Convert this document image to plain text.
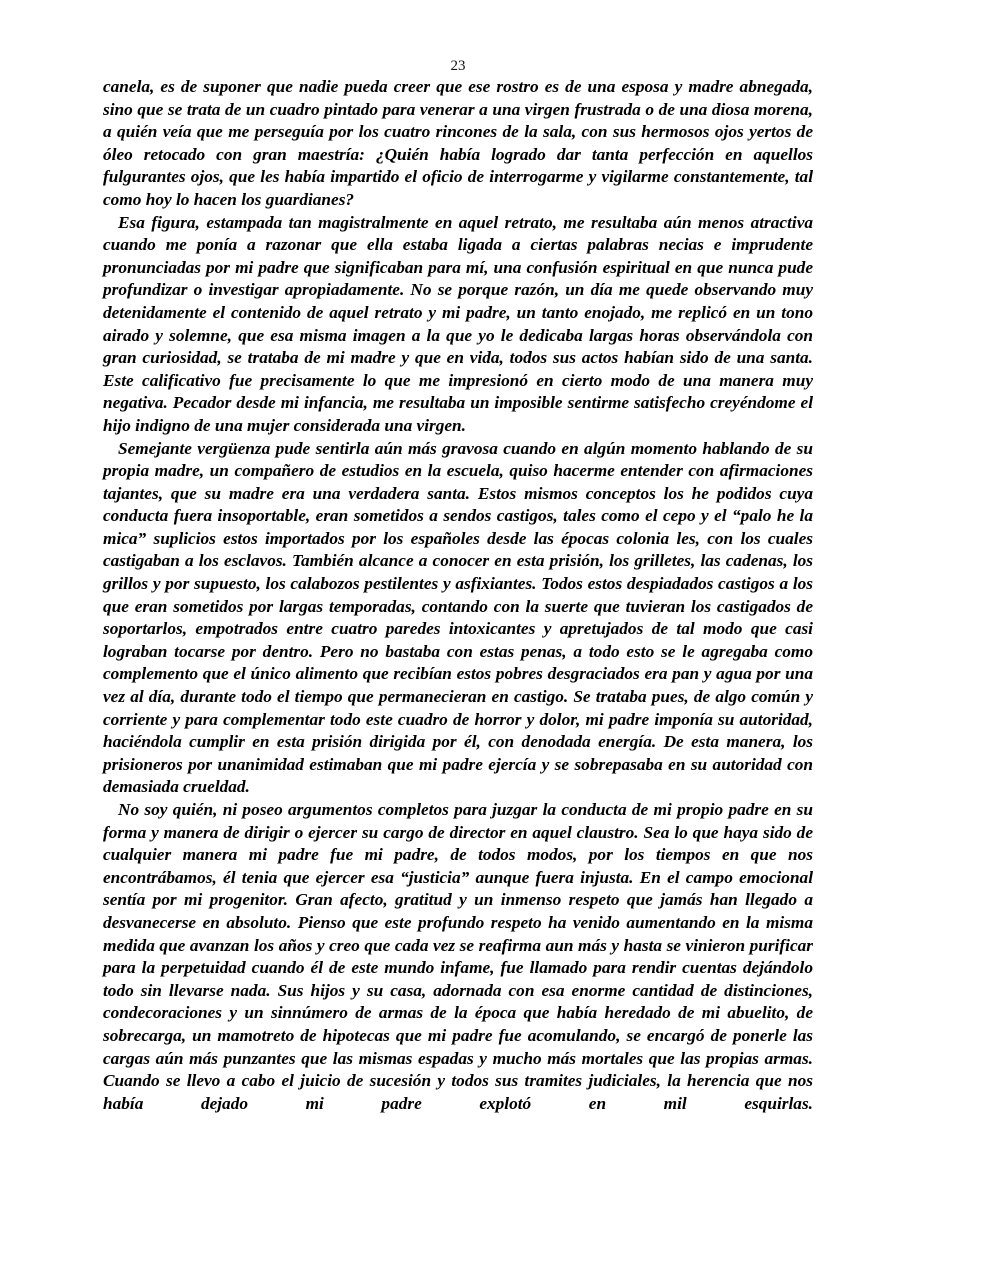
23

canela, es de suponer que nadie pueda creer que ese rostro es de una esposa y madre abnegada, sino que se trata de un cuadro pintado para venerar a una virgen frustrada o de una diosa morena, a quién veía que me perseguía por los cuatro rincones de la sala, con sus hermosos ojos yertos de óleo retocado con gran maestría: ¿Quién había logrado dar tanta perfección en aquellos fulgurantes ojos, que les había impartido el oficio de interrogarme y vigilarme constantemente, tal como hoy lo hacen los guardianes?

Esa figura, estampada tan magistralmente en aquel retrato, me resultaba aún menos atractiva cuando me ponía a razonar que ella estaba ligada a ciertas palabras necias e imprudente pronunciadas por mi padre que significaban para mí, una confusión espiritual en que nunca pude profundizar o investigar apropiadamente. No se porque razón, un día me quede observando muy detenidamente el contenido de aquel retrato y mi padre, un tanto enojado, me replicó en un tono airado y solemne, que esa misma imagen a la que yo le dedicaba largas horas observándola con gran curiosidad, se trataba de mi madre y que en vida, todos sus actos habían sido de una santa. Este calificativo fue precisamente lo que me impresionó en cierto modo de una manera muy negativa. Pecador desde mi infancia, me resultaba un imposible sentirme satisfecho creyéndome el hijo indigno de una mujer considerada una virgen.

Semejante vergüenza pude sentirla aún más gravosa cuando en algún momento hablando de su propia madre, un compañero de estudios en la escuela, quiso hacerme entender con afirmaciones tajantes, que su madre era una verdadera santa. Estos mismos conceptos los he podidos cuya conducta fuera insoportable, eran sometidos a sendos castigos, tales como el cepo y el “palo he la mica” suplicios estos importados por los españoles desde las épocas colonia les, con los cuales castigaban a los esclavos. También alcance a conocer en esta prisión, los grilletes, las cadenas, los grillos y por supuesto, los calabozos pestilentes y asfixiantes. Todos estos despiadados castigos a los que eran sometidos por largas temporadas, contando con la suerte que tuvieran los castigados de soportarlos, empotrados entre cuatro paredes intoxicantes y apretujados de tal modo que casi lograban tocarse por dentro. Pero no bastaba con estas penas, a todo esto se le agregaba como complemento que el único alimento que recibían estos pobres desgraciados era pan y agua por una vez al día, durante todo el tiempo que permanecieran en castigo. Se trataba pues, de algo común y corriente y para complementar todo este cuadro de horror y dolor, mi padre imponía su autoridad, haciéndola cumplir en esta prisión dirigida por él, con denodada energía. De esta manera, los prisioneros por unanimidad estimaban que mi padre ejercía y se sobrepasaba en su autoridad con demasiada crueldad.

No soy quién, ni poseo argumentos completos para juzgar la conducta de mi propio padre en su forma y manera de dirigir o ejercer su cargo de director en aquel claustro. Sea lo que haya sido de cualquier manera mi padre fue mi padre, de todos modos, por los tiempos en que nos encontrábamos, él tenia que ejercer esa “justicia” aunque fuera injusta. En el campo emocional sentía por mi progenitor. Gran afecto, gratitud y un inmenso respeto que jamás han llegado a desvanecerse en absoluto. Pienso que este profundo respeto ha venido aumentando en la misma medida que avanzan los años y creo que cada vez se reafirma aun más y hasta se vinieron purificar para la perpetuidad cuando él de este mundo infame, fue llamado para rendir cuentas dejándolo todo sin llevarse nada. Sus hijos y su casa, adornada con esa enorme cantidad de distinciones, condecoraciones y un sinnúmero de armas de la época que había heredado de mi abuelito, de sobrecarga, un mamotreto de hipotecas que mi padre fue acomulando, se encargó de ponerle las cargas aún más punzantes que las mismas espadas y mucho más mortales que las propias armas. Cuando se llevo a cabo el juicio de sucesión y todos sus tramites judiciales, la herencia que nos había dejado mi padre explotó en mil esquirlas.
